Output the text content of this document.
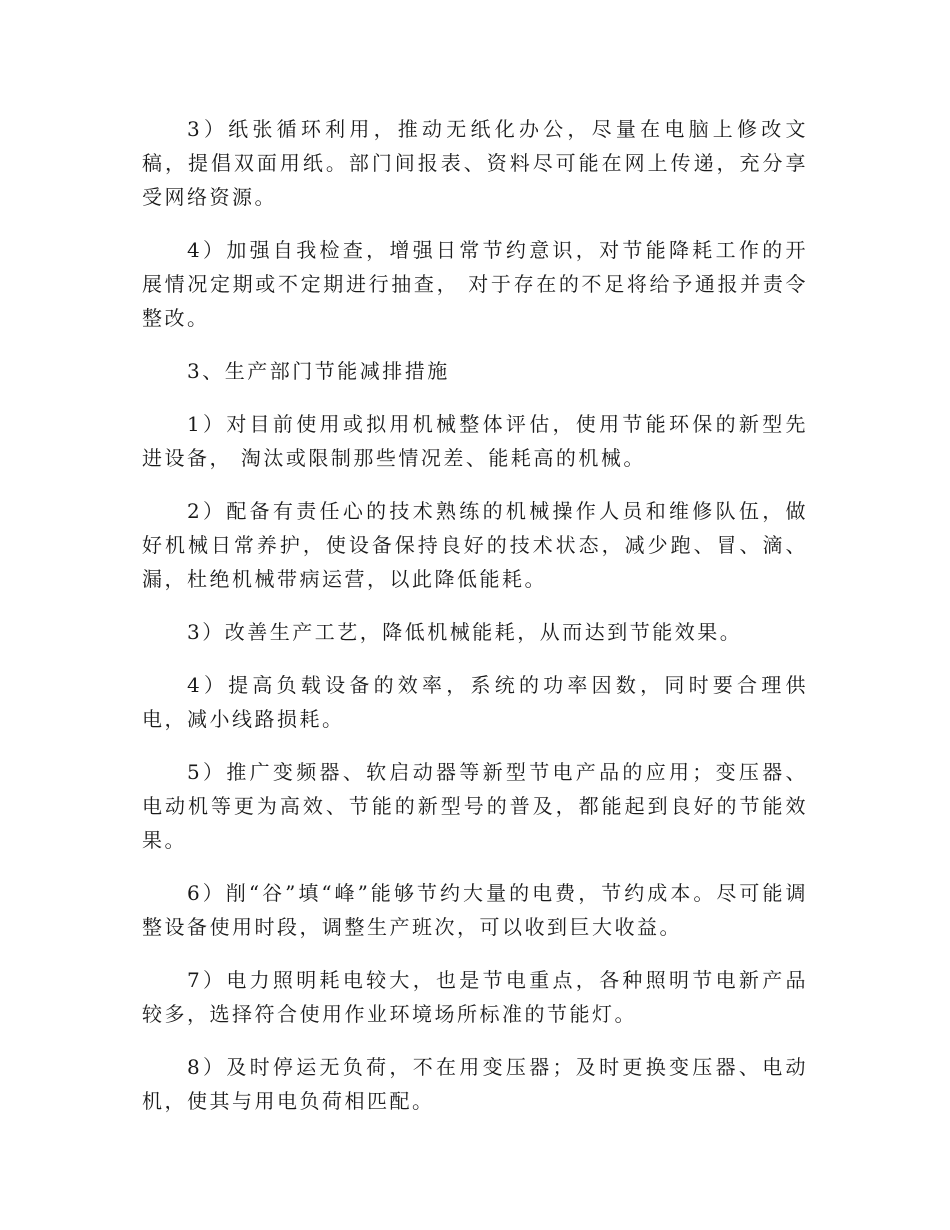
3）纸张循环利用，推动无纸化办公，尽量在电脑上修改文稿，提倡双面用纸。部门间报表、资料尽可能在网上传递，充分享受网络资源。

4）加强自我检查，增强日常节约意识，对节能降耗工作的开展情况定期或不定期进行抽查， 对于存在的不足将给予通报并责令整改。

3、生产部门节能减排措施

1）对目前使用或拟用机械整体评估，使用节能环保的新型先进设备， 淘汰或限制那些情况差、能耗高的机械。

2）配备有责任心的技术熟练的机械操作人员和维修队伍，做好机械日常养护，使设备保持良好的技术状态，减少跑、冒、滴、漏，杜绝机械带病运营，以此降低能耗。

3）改善生产工艺，降低机械能耗，从而达到节能效果。

4）提高负载设备的效率，系统的功率因数，同时要合理供电，减小线路损耗。

5）推广变频器、软启动器等新型节电产品的应用；变压器、电动机等更为高效、节能的新型号的普及，都能起到良好的节能效果。

6）削“谷”填“峰”能够节约大量的电费，节约成本。尽可能调整设备使用时段，调整生产班次，可以收到巨大收益。

7）电力照明耗电较大，也是节电重点，各种照明节电新产品较多，选择符合使用作业环境场所标准的节能灯。

8）及时停运无负荷，不在用变压器；及时更换变压器、电动机，使其与用电负荷相匹配。
